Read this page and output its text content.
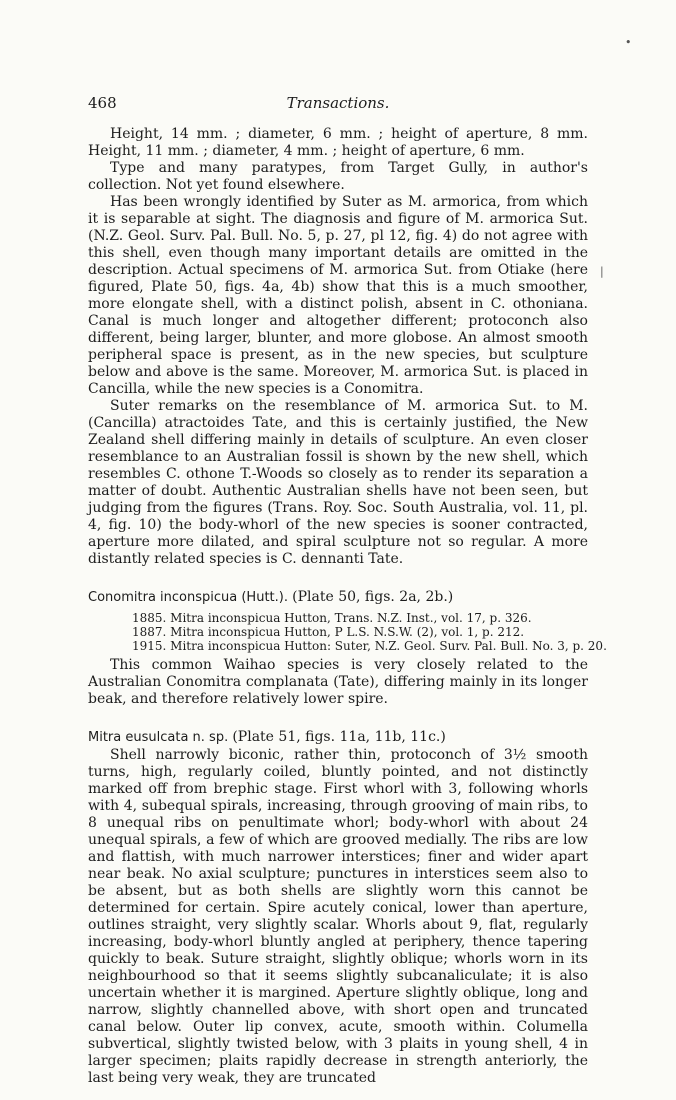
468	Transactions.

Height, 14 mm. ; diameter, 6 mm. ; height of aperture, 8 mm. Height, 11 mm. ; diameter, 4 mm. ; height of aperture, 6 mm.

Type and many paratypes, from Target Gully, in author's collection. Not yet found elsewhere.

Has been wrongly identified by Suter as M. armorica, from which it is separable at sight. The diagnosis and figure of M. armorica Sut. (N.Z. Geol. Surv. Pal. Bull. No. 5, p. 27, pl 12, fig. 4) do not agree with this shell, even though many important details are omitted in the description. Actual specimens of M. armorica Sut. from Otiake (here figured, Plate 50, figs. 4a, 4b) show that this is a much smoother, more elongate shell, with a distinct polish, absent in C. othoniana. Canal is much longer and altogether different; protoconch also different, being larger, blunter, and more globose. An almost smooth peripheral space is present, as in the new species, but sculpture below and above is the same. Moreover, M. armorica Sut. is placed in Cancilla, while the new species is a Conomitra.

Suter remarks on the resemblance of M. armorica Sut. to M. (Cancilla) atractoides Tate, and this is certainly justified, the New Zealand shell differing mainly in details of sculpture. An even closer resemblance to an Australian fossil is shown by the new shell, which resembles C. othone T.-Woods so closely as to render its separation a matter of doubt. Authentic Australian shells have not been seen, but judging from the figures (Trans. Roy. Soc. South Australia, vol. 11, pl. 4, fig. 10) the body-whorl of the new species is sooner contracted, aperture more dilated, and spiral sculpture not so regular. A more distantly related species is C. dennanti Tate.

Conomitra inconspicua (Hutt.). (Plate 50, figs. 2a, 2b.)
1885. Mitra inconspicua Hutton, Trans. N.Z. Inst., vol. 17, p. 326.
1887. Mitra inconspicua Hutton, P L.S. N.S.W. (2), vol. 1, p. 212.
1915. Mitra inconspicua Hutton: Suter, N.Z. Geol. Surv. Pal. Bull. No. 3, p. 20.

This common Waihao species is very closely related to the Australian Conomitra complanata (Tate), differing mainly in its longer beak, and therefore relatively lower spire.

Mitra eusulcata n. sp. (Plate 51, figs. 11a, 11b, 11c.)

Shell narrowly biconic, rather thin, protoconch of 3½ smooth turns, high, regularly coiled, bluntly pointed, and not distinctly marked off from brephic stage. First whorl with 3, following whorls with 4, subequal spirals, increasing, through grooving of main ribs, to 8 unequal ribs on penultimate whorl; body-whorl with about 24 unequal spirals, a few of which are grooved medially. The ribs are low and flattish, with much narrower interstices; finer and wider apart near beak. No axial sculpture; punctures in interstices seem also to be absent, but as both shells are slightly worn this cannot be determined for certain. Spire acutely conical, lower than aperture, outlines straight, very slightly scalar. Whorls about 9, flat, regularly increasing, body-whorl bluntly angled at periphery, thence tapering quickly to beak. Suture straight, slightly oblique; whorls worn in its neighbourhood so that it seems slightly subcanaliculate; it is also uncertain whether it is margined. Aperture slightly oblique, long and narrow, slightly channelled above, with short open and truncated canal below. Outer lip convex, acute, smooth within. Columella subvertical, slightly twisted below, with 3 plaits in young shell, 4 in larger specimen; plaits rapidly decrease in strength anteriorly, the last being very weak, they are truncated

•
|
